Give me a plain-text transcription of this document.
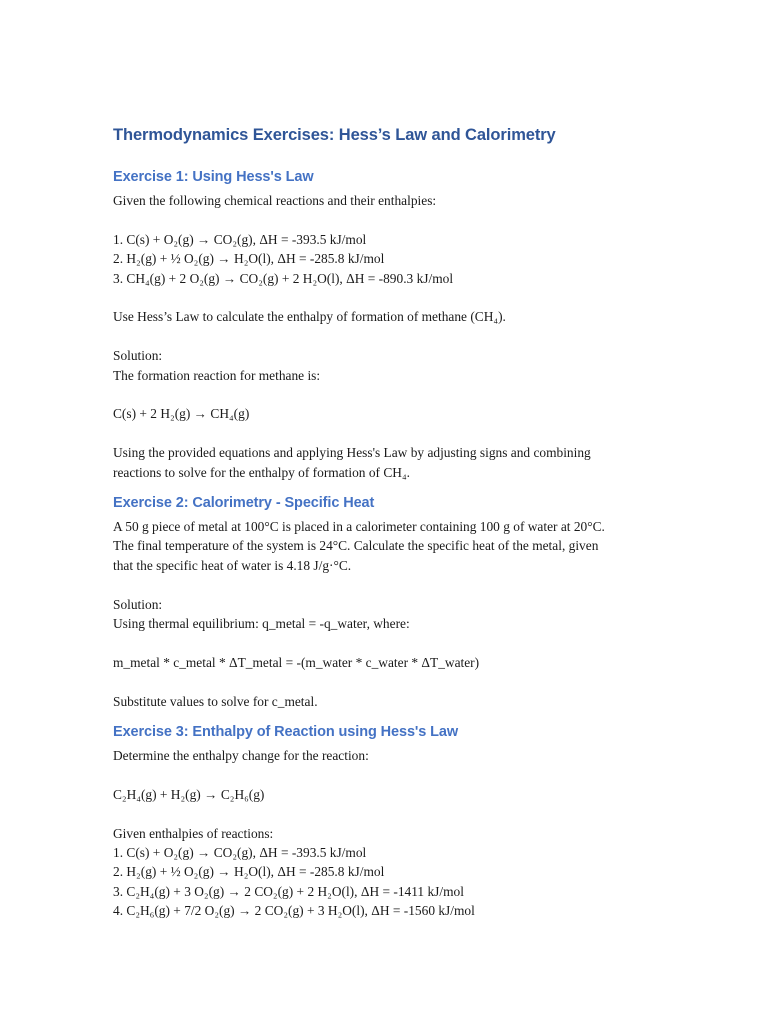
Thermodynamics Exercises: Hess’s Law and Calorimetry
Exercise 1: Using Hess's Law

Given the following chemical reactions and their enthalpies:

1. C(s) + O₂(g) → CO₂(g), ΔH = -393.5 kJ/mol

2. H₂(g) + ½ O₂(g) → H₂O(l), ΔH = -285.8 kJ/mol

3. CH₄(g) + 2 O₂(g) → CO₂(g) + 2 H₂O(l), ΔH = -890.3 kJ/mol

Use Hess’s Law to calculate the enthalpy of formation of methane (CH₄).

Solution:

The formation reaction for methane is:

C(s) + 2 H₂(g) → CH₄(g)

Using the provided equations and applying Hess's Law by adjusting signs and combining

reactions to solve for the enthalpy of formation of CH₄.

Exercise 2: Calorimetry - Specific Heat

A 50 g piece of metal at 100°C is placed in a calorimeter containing 100 g of water at 20°C.

The final temperature of the system is 24°C. Calculate the specific heat of the metal, given

that the specific heat of water is 4.18 J/g·°C.

Solution:

Using thermal equilibrium: q_metal = -q_water, where:

m_metal * c_metal * ΔT_metal = -(m_water * c_water * ΔT_water)

Substitute values to solve for c_metal.

Exercise 3: Enthalpy of Reaction using Hess's Law

Determine the enthalpy change for the reaction:

C₂H₄(g) + H₂(g) → C₂H₆(g)

Given enthalpies of reactions:

1. C(s) + O₂(g) → CO₂(g), ΔH = -393.5 kJ/mol

2. H₂(g) + ½ O₂(g) → H₂O(l), ΔH = -285.8 kJ/mol

3. C₂H₄(g) + 3 O₂(g) → 2 CO₂(g) + 2 H₂O(l), ΔH = -1411 kJ/mol

4. C₂H₆(g) + 7/2 O₂(g) → 2 CO₂(g) + 3 H₂O(l), ΔH = -1560 kJ/mol
